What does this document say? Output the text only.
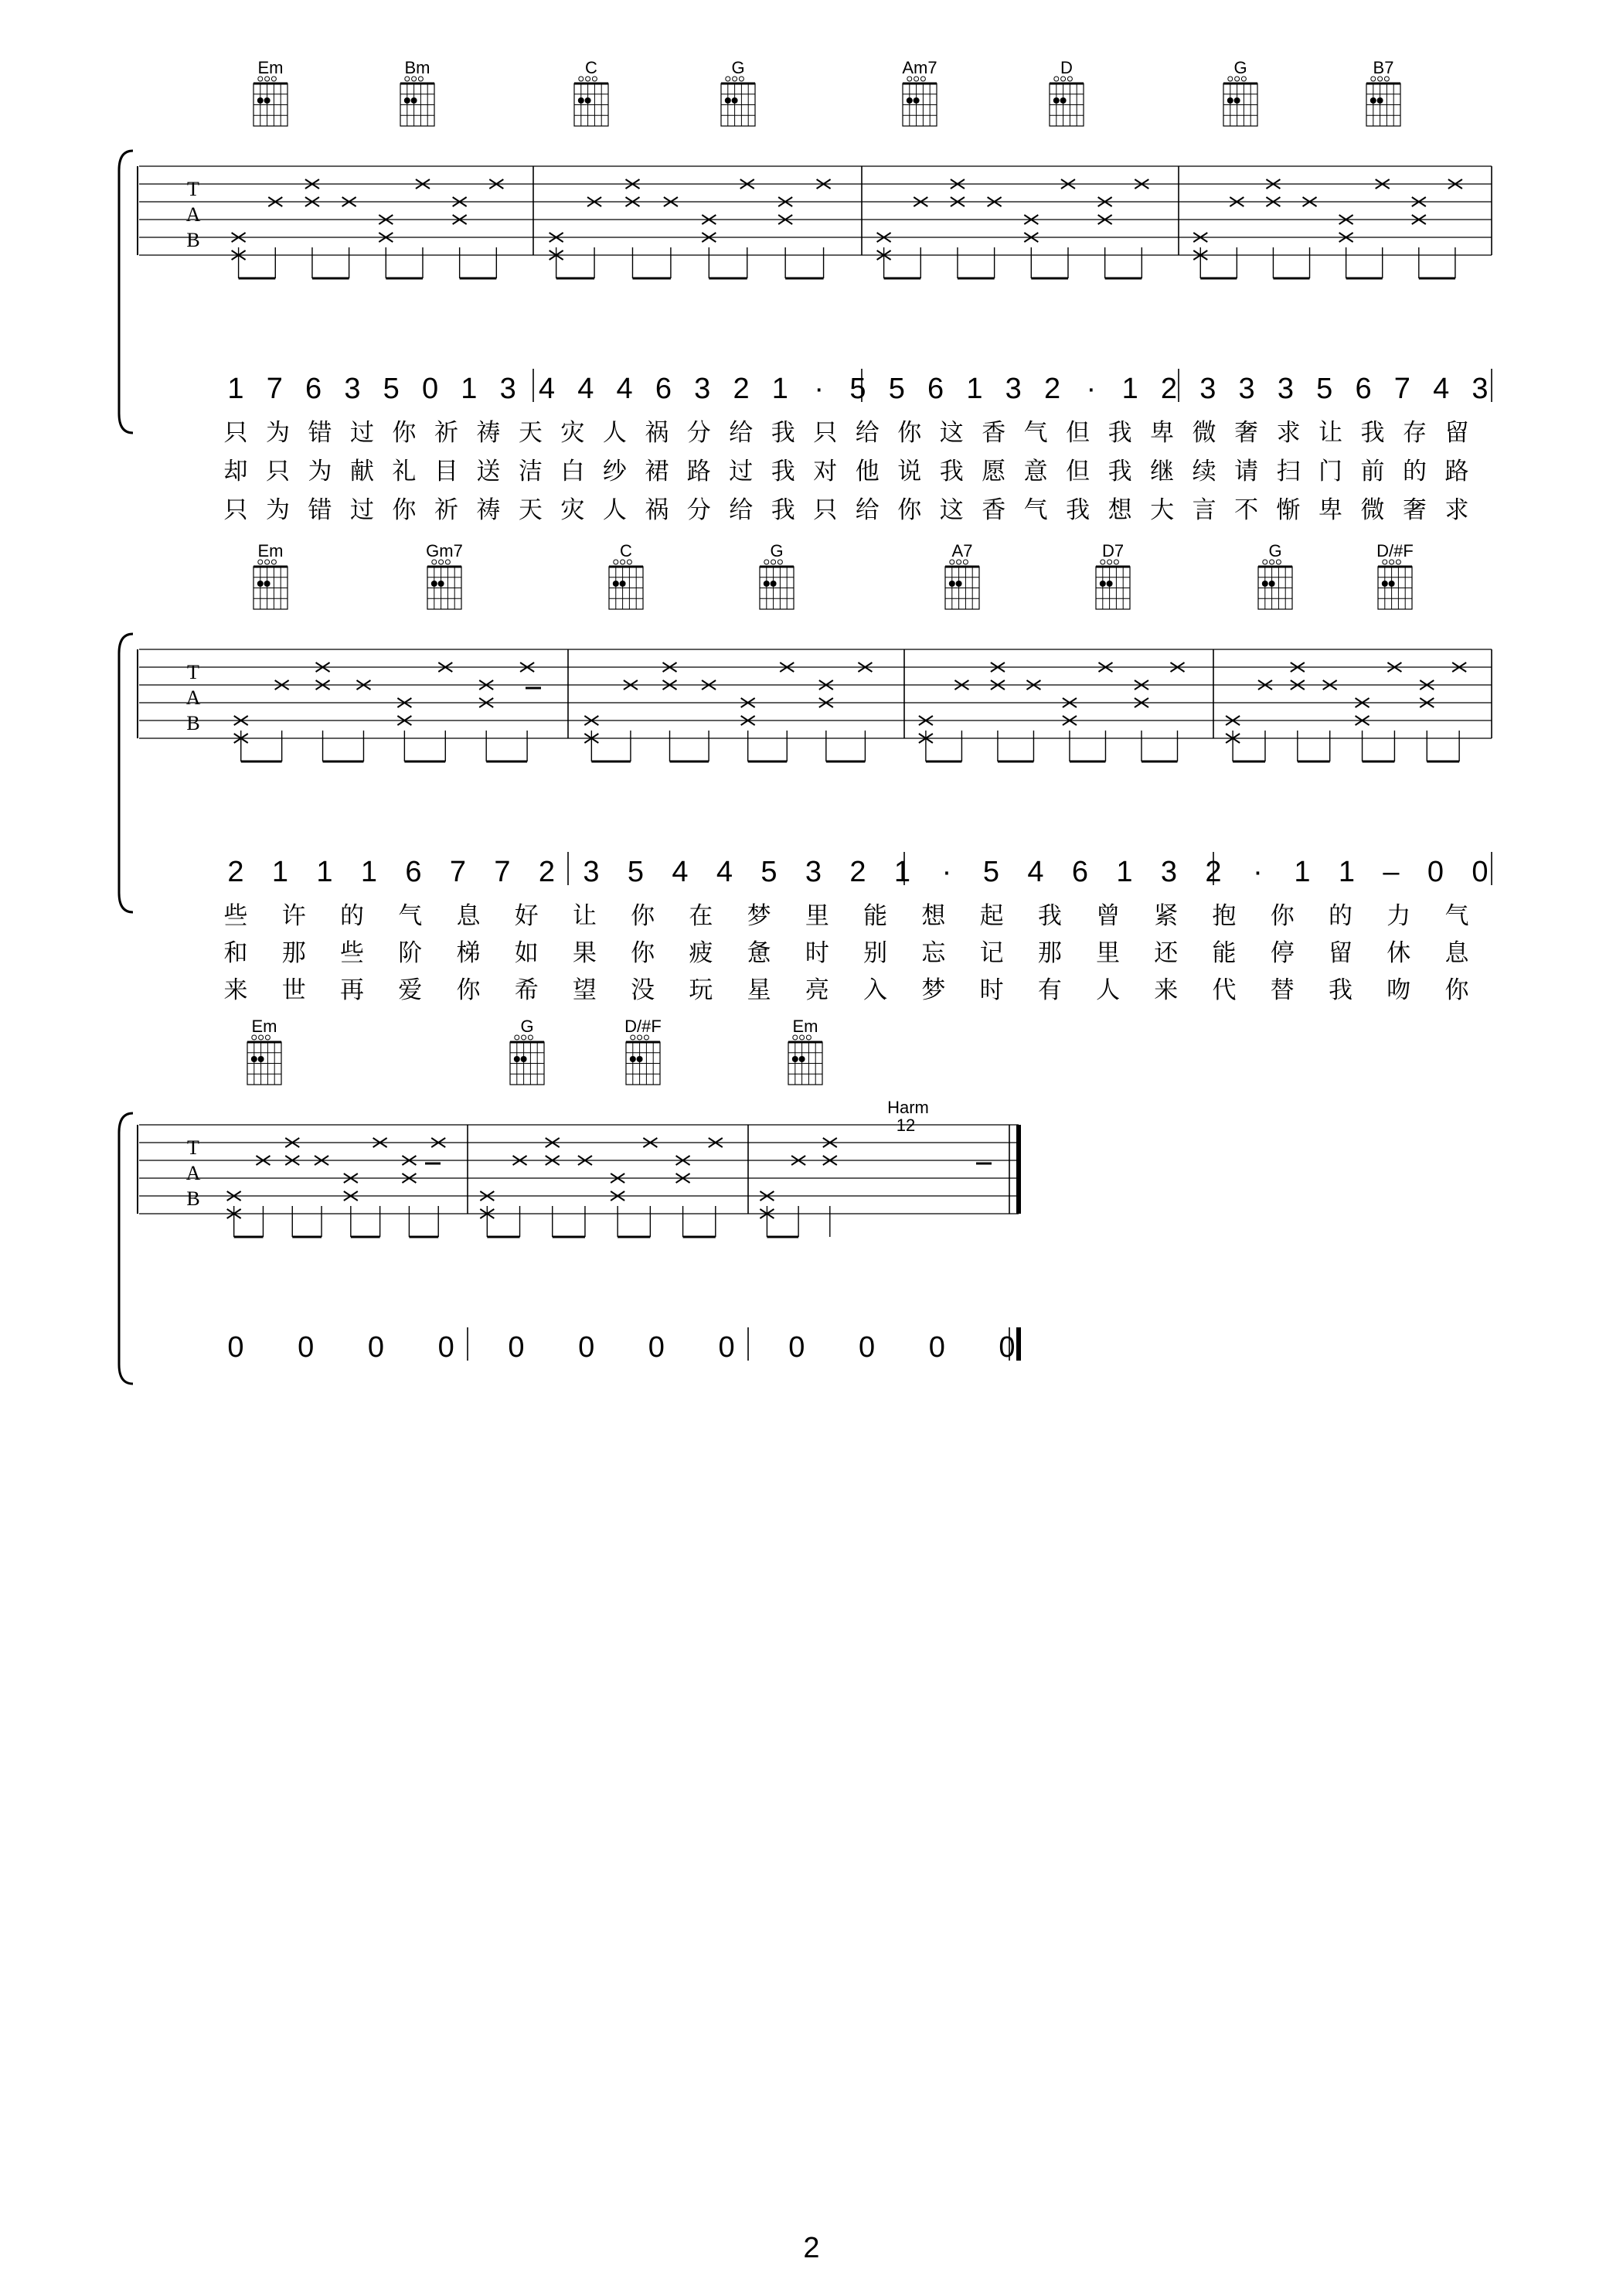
2
T
A
B
Em	Bm	C	G	Am7	D	G	B7
1 7 6 3 5 0 1 3 4 4 4 6 3 2 1 · 5 5 6 1 3 2 · 1 2 3 3 3 5 6 7 4 3
只 为 错 过 你 祈 祷 天 灾 人 祸 分 给 我 只 给 你 这 香 气 但 我 卑 微 奢 求 让 我 存 留
却 只 为 献 礼 目 送 洁 白 纱 裙 路 过 我 对 他 说 我 愿 意 但 我 继 续 请 扫 门 前 的 路
只 为 错 过 你 祈 祷 天 灾 人 祸 分 给 我 只 给 你 这 香 气 我 想 大 言 不 惭 卑 微 奢 求
T
A
B
Em	Gm7	C	G	A7	D7	G	D/#F
2 1 1 1 6 7 7 2 3 5 4 4 5 3 2 1 · 5 4 6 1 3 2 · 1 1 – 0 0
些 许 的 气 息 好 让 你 在 梦 里 能 想 起 我 曾 紧 抱 你 的 力 气
和 那 些 阶 梯 如 果 你 疲 惫 时 别 忘 记 那 里 还 能 停 留 休 息
来 世 再 爱 你 希 望 没 玩 星 亮 入 梦 时 有 人 来 代 替 我 吻 你
T
A
B
Harm
12
Em	G	D/#F	Em
0 0 0 0 0 0 0 0 0 0 0 0
